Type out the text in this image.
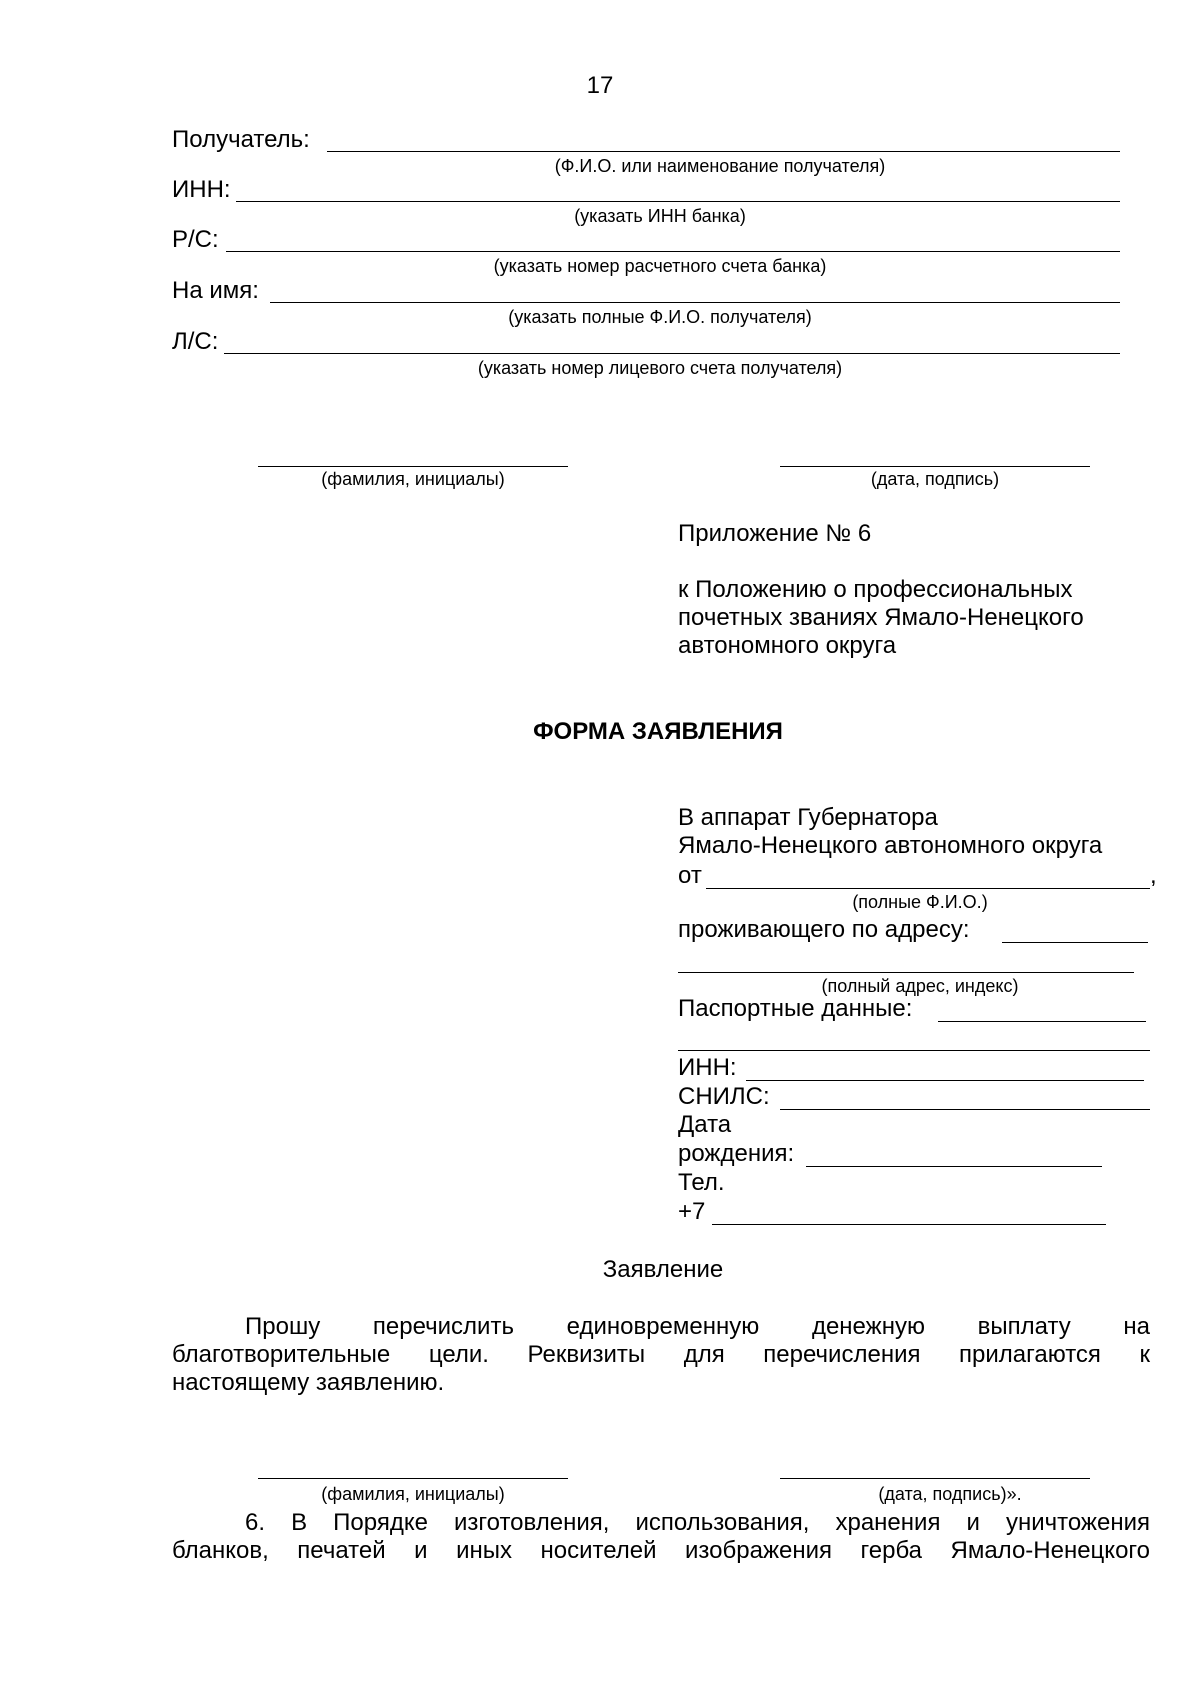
17
Получатель:
(Ф.И.О. или наименование получателя)
ИНН:
(указать ИНН банка)
Р/С:
(указать номер расчетного счета банка)
На имя:
(указать полные Ф.И.О. получателя)
Л/С:
(указать номер лицевого счета получателя)
(фамилия, инициалы)	(дата, подпись)
Приложение № 6
к Положению о профессиональных
почетных званиях Ямало-Ненецкого
автономного округа
ФОРМА ЗАЯВЛЕНИЯ
В аппарат Губернатора
Ямало-Ненецкого автономного округа
от	,
(полные Ф.И.О.)
проживающего по адресу:
(полный адрес, индекс)
Паспортные данные:
ИНН:
СНИЛС:
Дата
рождения:
Тел.
+7
Заявление
Прошу перечислить единовременную денежную выплату на
благотворительные цели. Реквизиты для перечисления прилагаются к
настоящему заявлению.
(фамилия, инициалы)	(дата, подпись)».
6. В Порядке изготовления, использования, хранения и уничтожения
бланков, печатей и иных носителей изображения герба Ямало-Ненецкого
